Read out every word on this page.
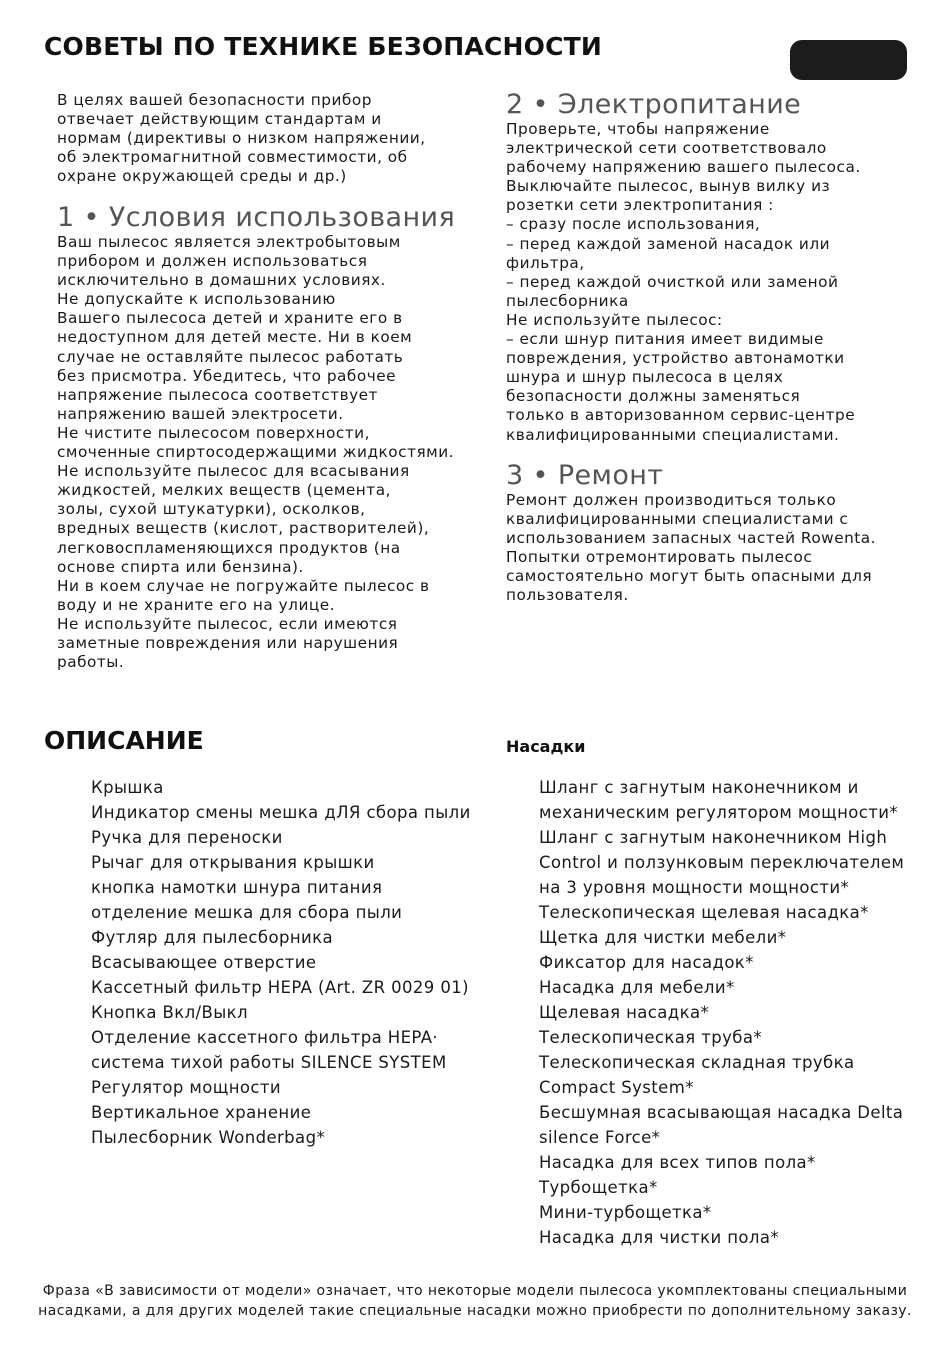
СОВЕТЫ ПО ТЕХНИКЕ БЕЗОПАСНОСТИ

В целях вашей безопасности прибор
отвечает действующим стандартам и
нормам (директивы о низком напряжении,
об электромагнитной совместимости, об
охране окружающей среды и др.)

1 • Условия использования

Ваш пылесос является электробытовым
прибором и должен использоваться
исключительно в домашних условиях.
Не допускайте к использованию
Вашего пылесоса детей и храните его в
недоступном для детей месте. Ни в коем
случае не оставляйте пылесос работать
без присмотра. Убедитесь, что рабочее
напряжение пылесоса соответствует
напряжению вашей электросети.
Не чистите пылесосом поверхности,
смоченные спиртосодержащими жидкостями.
Не используйте пылесос для всасывания
жидкостей, мелких веществ (цемента,
золы, сухой штукатурки), осколков,
вредных веществ (кислот, растворителей),
легковоспламеняющихся продуктов (на
основе спирта или бензина).
Ни в коем случае не погружайте пылесос в
воду и не храните его на улице.
Не используйте пылесос, если имеются
заметные повреждения или нарушения
работы.

2 • Электропитание

Проверьте, чтобы напряжение
электрической сети соответствовало
рабочему напряжению вашего пылесоса.
Выключайте пылесос, вынув вилку из
розетки сети электропитания :
– сразу после использования,
– перед каждой заменой насадок или
фильтра,
– перед каждой очисткой или заменой
пылесборника
Не используйте пылесос:
– если шнур питания имеет видимые
повреждения, устройство автонамотки
шнура и шнур пылесоса в целях
безопасности должны заменяться
только в авторизованном сервис-центре
квалифицированными специалистами.

3 • Ремонт

Ремонт должен производиться только
квалифицированными специалистами с
использованием запасных частей Rowenta.
Попытки отремонтировать пылесос
самостоятельно могут быть опасными для
пользователя.

ОПИСАНИЕ	Насадки
Крышка
Индикатор смены мешка дЛЯ сбора пыли
Ручка для переноски
Рычаг для открывания крышки
кнопка намотки шнура питания
отделение мешка для сбора пыли
Футляр для пылесборника
Всасывающее отверстие
Кассетный фильтр HEPA (Art. ZR 0029 01)
Кнопка Вкл/Выкл
Отделение кассетного фильтра HEPA·
система тихой работы SILENCE SYSTEM
Регулятор мощности
Вертикальное хранение
Пылесборник Wonderbag*
Шланг с загнутым наконечником и
механическим регулятором мощности*
Шланг с загнутым наконечником High
Control и ползунковым переключателем
на 3 уровня мощности мощности*
Телескопическая щелевая насадка*
Щетка для чистки мебели*
Фиксатор для насадок*
Насадка для мебели*
Щелевая насадка*
Телескопическая труба*
Телескопическая складная трубка
Compact System*
Бесшумная всасывающая насадка Delta
silence Force*
Насадка для всех типов пола*
Турбощетка*
Мини-турбощетка*
Насадка для чистки пола*

Фраза «В зависимости от модели» означает, что некоторые модели пылесоса укомплектованы специальными
насадками, а для других моделей такие специальные насадки можно приобрести по дополнительному заказу.
